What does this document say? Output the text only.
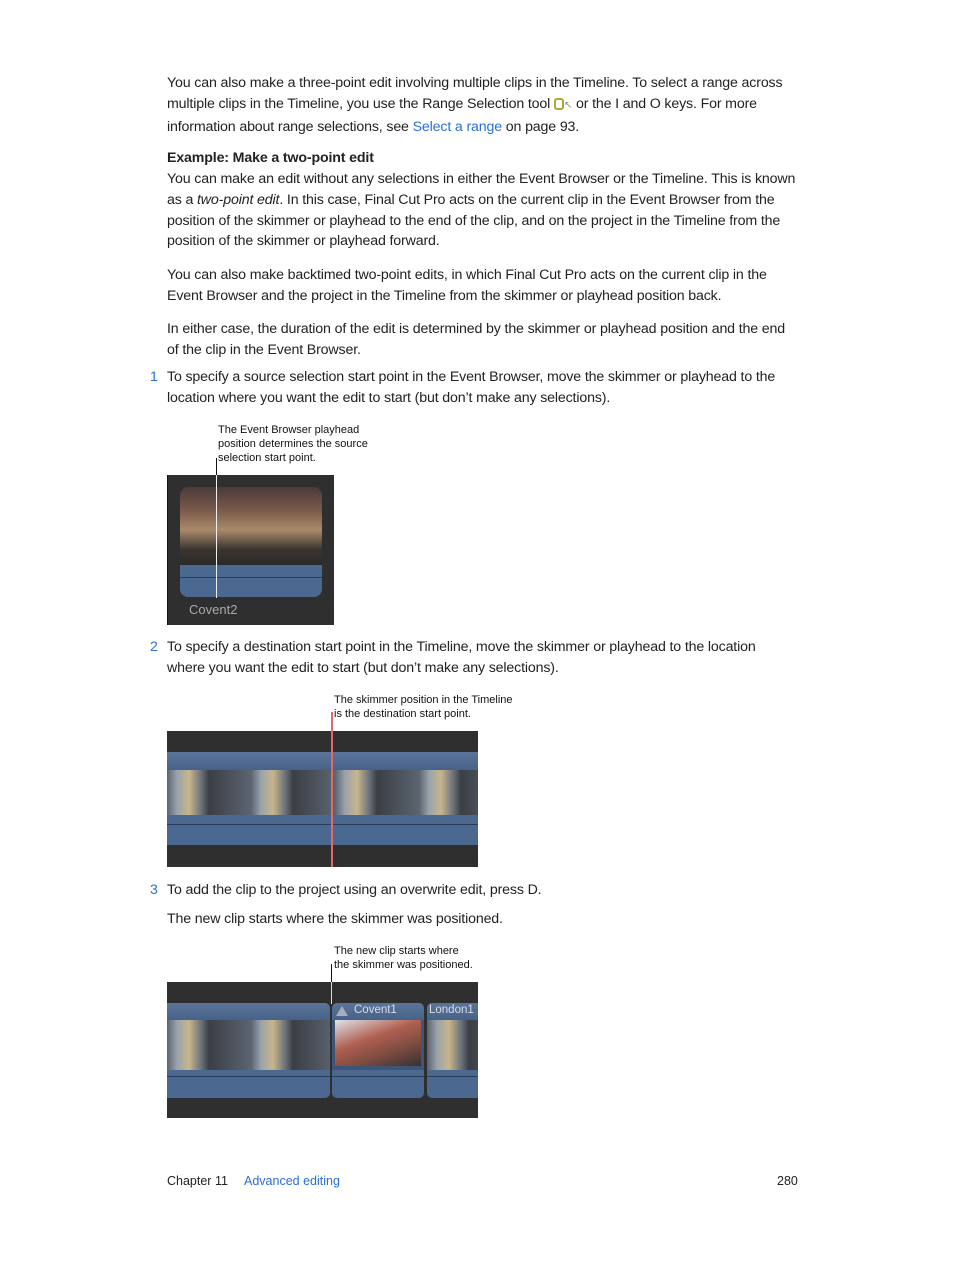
You can also make a three-point edit involving multiple clips in the Timeline. To select a range across multiple clips in the Timeline, you use the Range Selection tool ↖ or the I and O keys. For more information about range selections, see Select a range on page 93.

Example: Make a two-point edit

You can make an edit without any selections in either the Event Browser or the Timeline. This is known as a two-point edit. In this case, Final Cut Pro acts on the current clip in the Event Browser from the position of the skimmer or playhead to the end of the clip, and on the project in the Timeline from the position of the skimmer or playhead forward.

You can also make backtimed two-point edits, in which Final Cut Pro acts on the current clip in the Event Browser and the project in the Timeline from the skimmer or playhead position back.

In either case, the duration of the edit is determined by the skimmer or playhead position and the end of the clip in the Event Browser.

1 To specify a source selection start point in the Event Browser, move the skimmer or playhead to the location where you want the edit to start (but don’t make any selections).

The Event Browser playhead
position determines the source
selection start point.
Covent2
2 To specify a destination start point in the Timeline, move the skimmer or playhead to the location where you want the edit to start (but don’t make any selections).

The skimmer position in the Timeline
is the destination start point.
3 To add the clip to the project using an overwrite edit, press D.

The new clip starts where the skimmer was positioned.

The new clip starts where
the skimmer was positioned.
Covent1	London1
Chapter 11 Advanced editing	280
